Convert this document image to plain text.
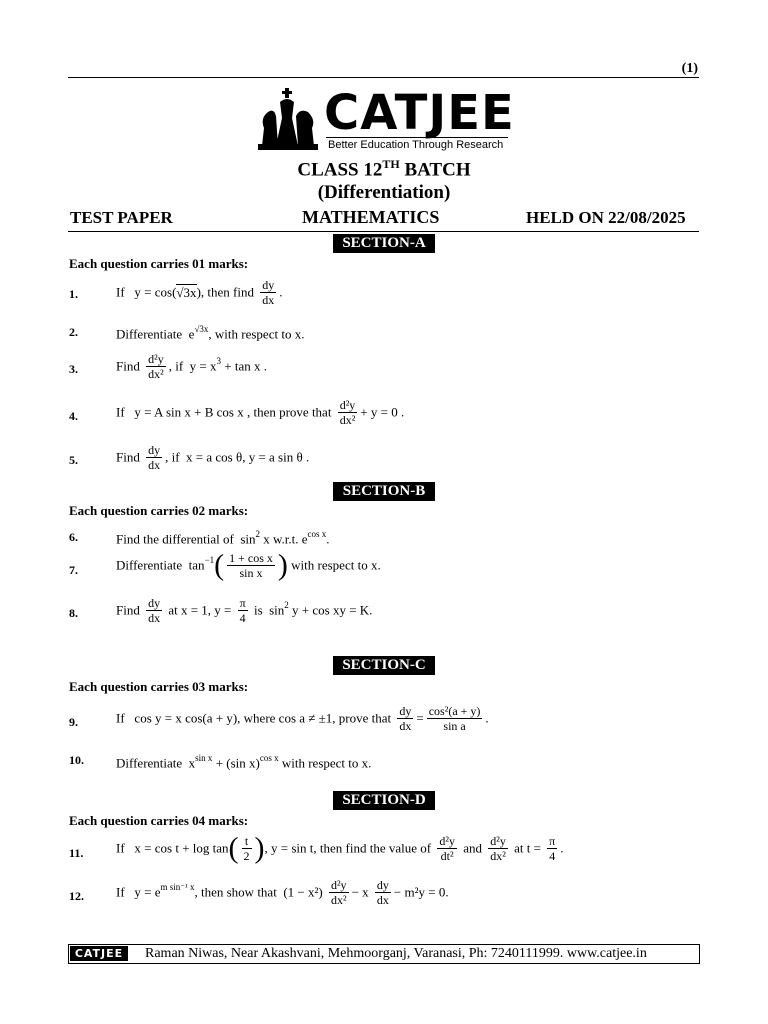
(1)
CATJEE
Better Education Through Research
CLASS 12TH BATCH
(Differentiation)
TEST PAPER	MATHEMATICS	HELD ON 22/08/2025
SECTION-A
Each question carries 01 marks:
1.	If y = cos(√3x), then find $\frac{dy}{dx}$ .
2.	Differentiate $e^{√3x}$, with respect to x.
3.	Find $\frac{\text{d²y}}{\text{dx²}}$ , if $y = x^3 + \tan x$ .
4.	If y = A sin x + B cos x , then prove that $\frac{\text{d²y}}{\text{dx²}} + y = 0$ .
5.	Find $\frac{dy}{dx}$ , if x = a cos θ, y = a sin θ .
SECTION-B
Each question carries 02 marks:
6.	Find the differential of $\sin^2 x$ w.r.t. $e^{cos x}$.
7.	Differentiate $\tan^{-1}( \frac{\text{1 + cos x}}{\text{sin x}}$ ) with respect to x.
8.	Find $\frac{dy}{dx}$ at x = 1, $y = \frac{\pi}{4}$ is $\sin^2 y + \cos$ xy = K.
SECTION-C
Each question carries 03 marks:
9.	If cos y = x cos(a + y), where cos a ≠ ±1, prove that $\frac{dy}{dx} = \frac{\text{cos²(a + y)}}{\text{sin a}}$ .
10. Differentiate $x^{sin x} + (\sin$ x)$^{cos x}$ with respect to x.
SECTION-D
Each question carries 04 marks:
11.	If $x = \cos t + \log \tan( \frac{t}{2}$ ), y = sin t, then find the value of $\frac{\text{d²y}}{\text{dt²}}$ and $\frac{\text{d²y}}{\text{dx²}}$ at $t = \frac{\pi}{4}$ .
12. If $y = e^{m sin^{-1} x}$, then show that $(1 - x^2) \frac{\text{d²y}}{\text{dx²}} - x \frac{dy}{dx} - m^2y = 0$.
CATJEE	Raman Niwas, Near Akashvani, Mehmoorganj, Varanasi, Ph: 7240111999. www.catjee.in
